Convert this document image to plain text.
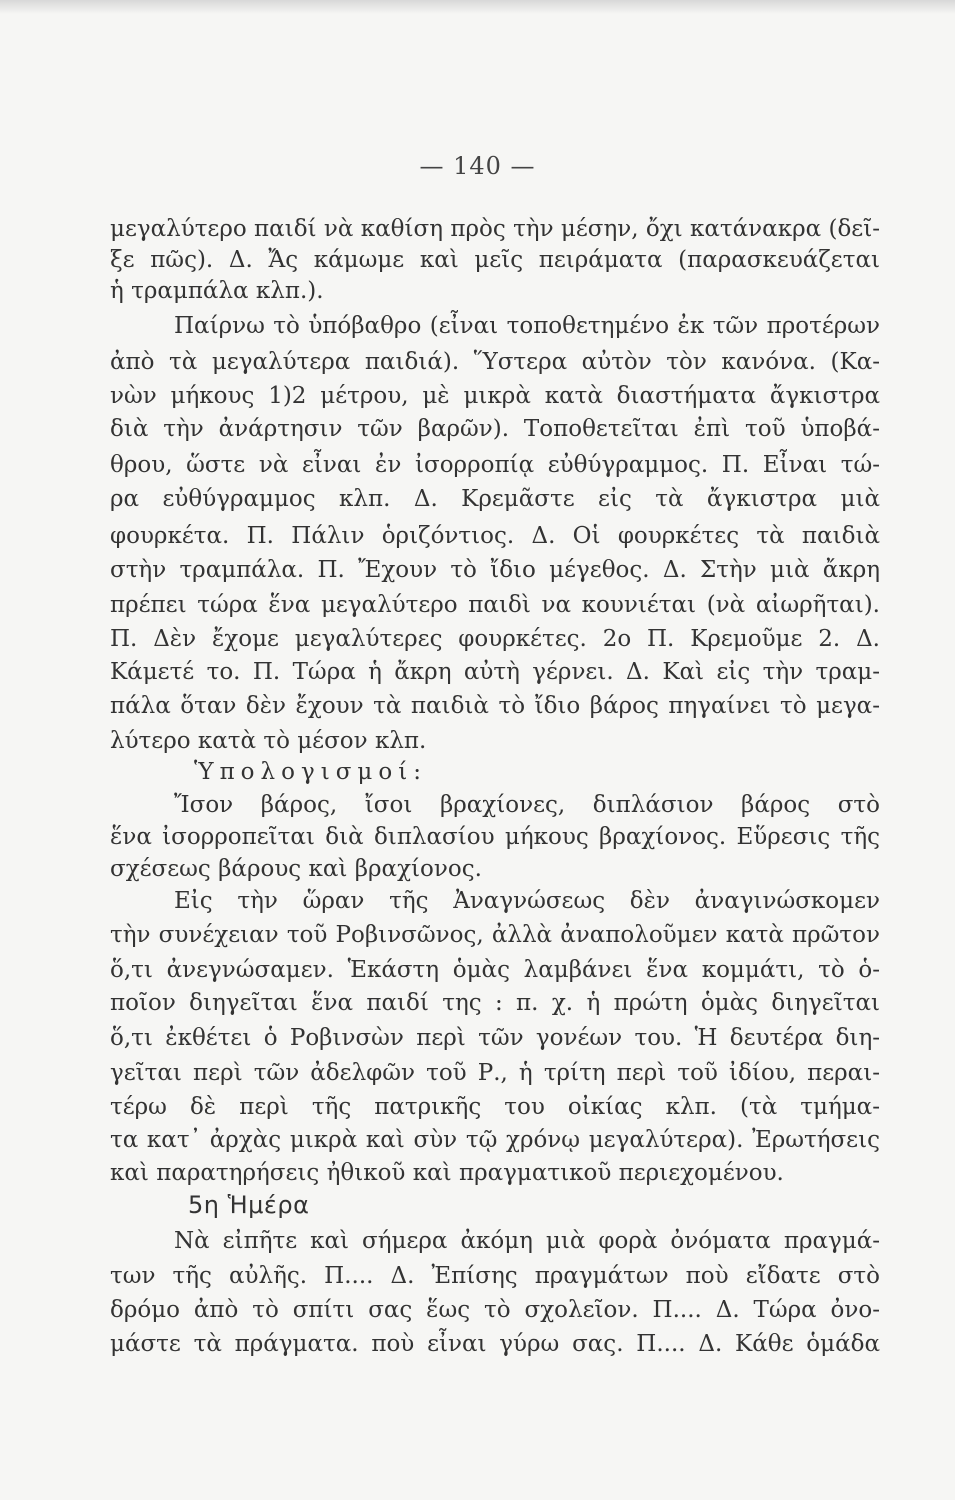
— 140 —
μεγαλύτερο παιδί νὰ καθίση πρὸς τὴν μέσην, ὄχι κατάνακρα (δεῖ-
ξε πῶς). Δ. Ἄς κάμωμε καὶ μεῖς πειράματα (παρασκευάζεται
ἡ τραμπάλα κλπ.).
Παίρνω τὸ ὑπόβαθρο (εἶναι τοποθετημένο ἐκ τῶν προτέρων
ἀπὸ τὰ μεγαλύτερα παιδιά). Ὕστερα αὐτὸν τὸν κανόνα. (Κα-
νὼν μήκους 1)2 μέτρου, μὲ μικρὰ κατὰ διαστήματα ἄγκιστρα
διὰ τὴν ἀνάρτησιν τῶν βαρῶν). Τοποθετεῖται ἐπὶ τοῦ ὑποβά-
θρου, ὥστε νὰ εἶναι ἐν ἰσορροπίᾳ εὐθύγραμμος. Π. Εἶναι τώ-
ρα εὐθύγραμμος κλπ. Δ. Κρεμᾶστε εἰς τὰ ἄγκιστρα μιὰ
φουρκέτα. Π. Πάλιν ὁριζόντιος. Δ. Οἱ φουρκέτες τὰ παιδιὰ
στὴν τραμπάλα. Π. Ἔχουν τὸ ἴδιο μέγεθος. Δ. Στὴν μιὰ ἄκρη
πρέπει τώρα ἕνα μεγαλύτερο παιδὶ να κουνιέται (νὰ αἰωρῆται).
Π. Δὲν ἔχομε μεγαλύτερες φουρκέτες. 2ο Π. Κρεμοῦμε 2. Δ.
Κάμετέ το. Π. Τώρα ἡ ἄκρη αὐτὴ γέρνει. Δ. Καὶ εἰς τὴν τραμ-
πάλα ὅταν δὲν ἔχουν τὰ παιδιὰ τὸ ἴδιο βάρος πηγαίνει τὸ μεγα-
λύτερο κατὰ τὸ μέσον κλπ.
Ὑπολογισμοί:
Ἴσον βάρος, ἴσοι βραχίονες, διπλάσιον βάρος στὸ
ἕνα ἰσορροπεῖται διὰ διπλασίου μήκους βραχίονος. Εὕρεσις τῆς
σχέσεως βάρους καὶ βραχίονος.
Εἰς τὴν ὥραν τῆς Ἀναγνώσεως δὲν ἀναγινώσκομεν
τὴν συνέχειαν τοῦ Ροβινσῶνος, ἀλλὰ ἀναπολοῦμεν κατὰ πρῶτον
ὅ,τι ἀνεγνώσαμεν. Ἑκάστη ὁμὰς λαμβάνει ἕνα κομμάτι, τὸ ὁ-
ποῖον διηγεῖται ἕνα παιδί της : π. χ. ἡ πρώτη ὁμὰς διηγεῖται
ὅ,τι ἐκθέτει ὁ Ροβινσὼν περὶ τῶν γονέων του. Ἡ δευτέρα διη-
γεῖται περὶ τῶν ἀδελφῶν τοῦ Ρ., ἡ τρίτη περὶ τοῦ ἰδίου, περαι-
τέρω δὲ περὶ τῆς πατρικῆς του οἰκίας κλπ. (τὰ τμήμα-
τα κατ᾽ ἀρχὰς μικρὰ καὶ σὺν τῷ χρόνῳ μεγαλύτερα). Ἐρωτήσεις
καὶ παρατηρήσεις ἠθικοῦ καὶ πραγματικοῦ περιεχομένου.
5η Ἡμέρα
Νὰ εἰπῆτε καὶ σήμερα ἀκόμη μιὰ φορὰ ὀνόματα πραγμά-
των τῆς αὐλῆς. Π.... Δ. Ἐπίσης πραγμάτων ποὺ εἴδατε στὸ
δρόμο ἀπὸ τὸ σπίτι σας ἕως τὸ σχολεῖον. Π.... Δ. Τώρα ὀνο-
μάστε τὰ πράγματα. ποὺ εἶναι γύρω σας. Π.... Δ. Κάθε ὁμάδα
